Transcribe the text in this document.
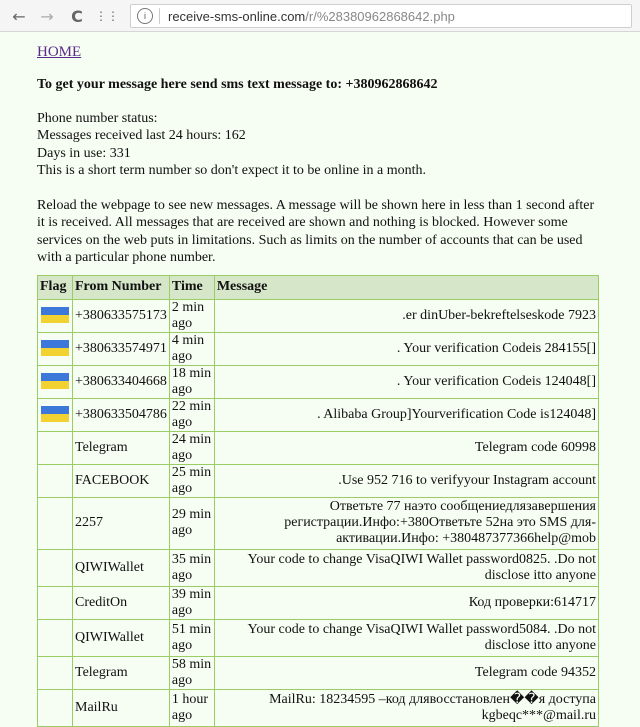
← →	C	⋮⋮	i	receive-sms-online.com /r/%28380962868642.php
HOME

To get your message here send sms text message to: +380962868642

Phone number status:

Messages received last 24 hours: 162

Days in use: 331

This is a short term number so don't expect it to be online in a month.

Reload the webpage to see new messages. A message will be shown here in less than 1 second after it is received. All messages that are received are shown and nothing is blocked. However some services on the web puts in limitations. Such as limits on the number of accounts that can be used with a particular phone number.

Flag	From Number	Time	Message
	+380633575173	2 min ago	.er dinUber-bekreftelseskode 7923
	+380633574971	4 min ago	. Your verification Codeis 284155[]
	+380633404668	18 min ago	. Your verification Codeis 124048[]
	+380633504786	22 min ago	. Alibaba Group]Yourverification Code is124048]
	Telegram	24 min ago	Telegram code 60998
	FACEBOOK	25 min ago	.Use 952 716 to verifyyour Instagram account
	2257	29 min ago	Ответьте 77 наэто сообщениедлязавершения регистрации.Инфо:+380Ответьте 52на это SMS для-активации.Инфо: +380487377366help@mob
	QIWIWallet	35 min ago	Your code to change VisaQIWI Wallet password0825. .Do not disclose itto anyone
	CreditOn	39 min ago	Код проверки:614717
	QIWIWallet	51 min ago	Your code to change VisaQIWI Wallet password5084. .Do not disclose itto anyone
	Telegram	58 min ago	Telegram code 94352
	MailRu	1 hour ago	MailRu: 18234595 –код длявосстановлен��я доступа kgbeqc***@mail.ru
